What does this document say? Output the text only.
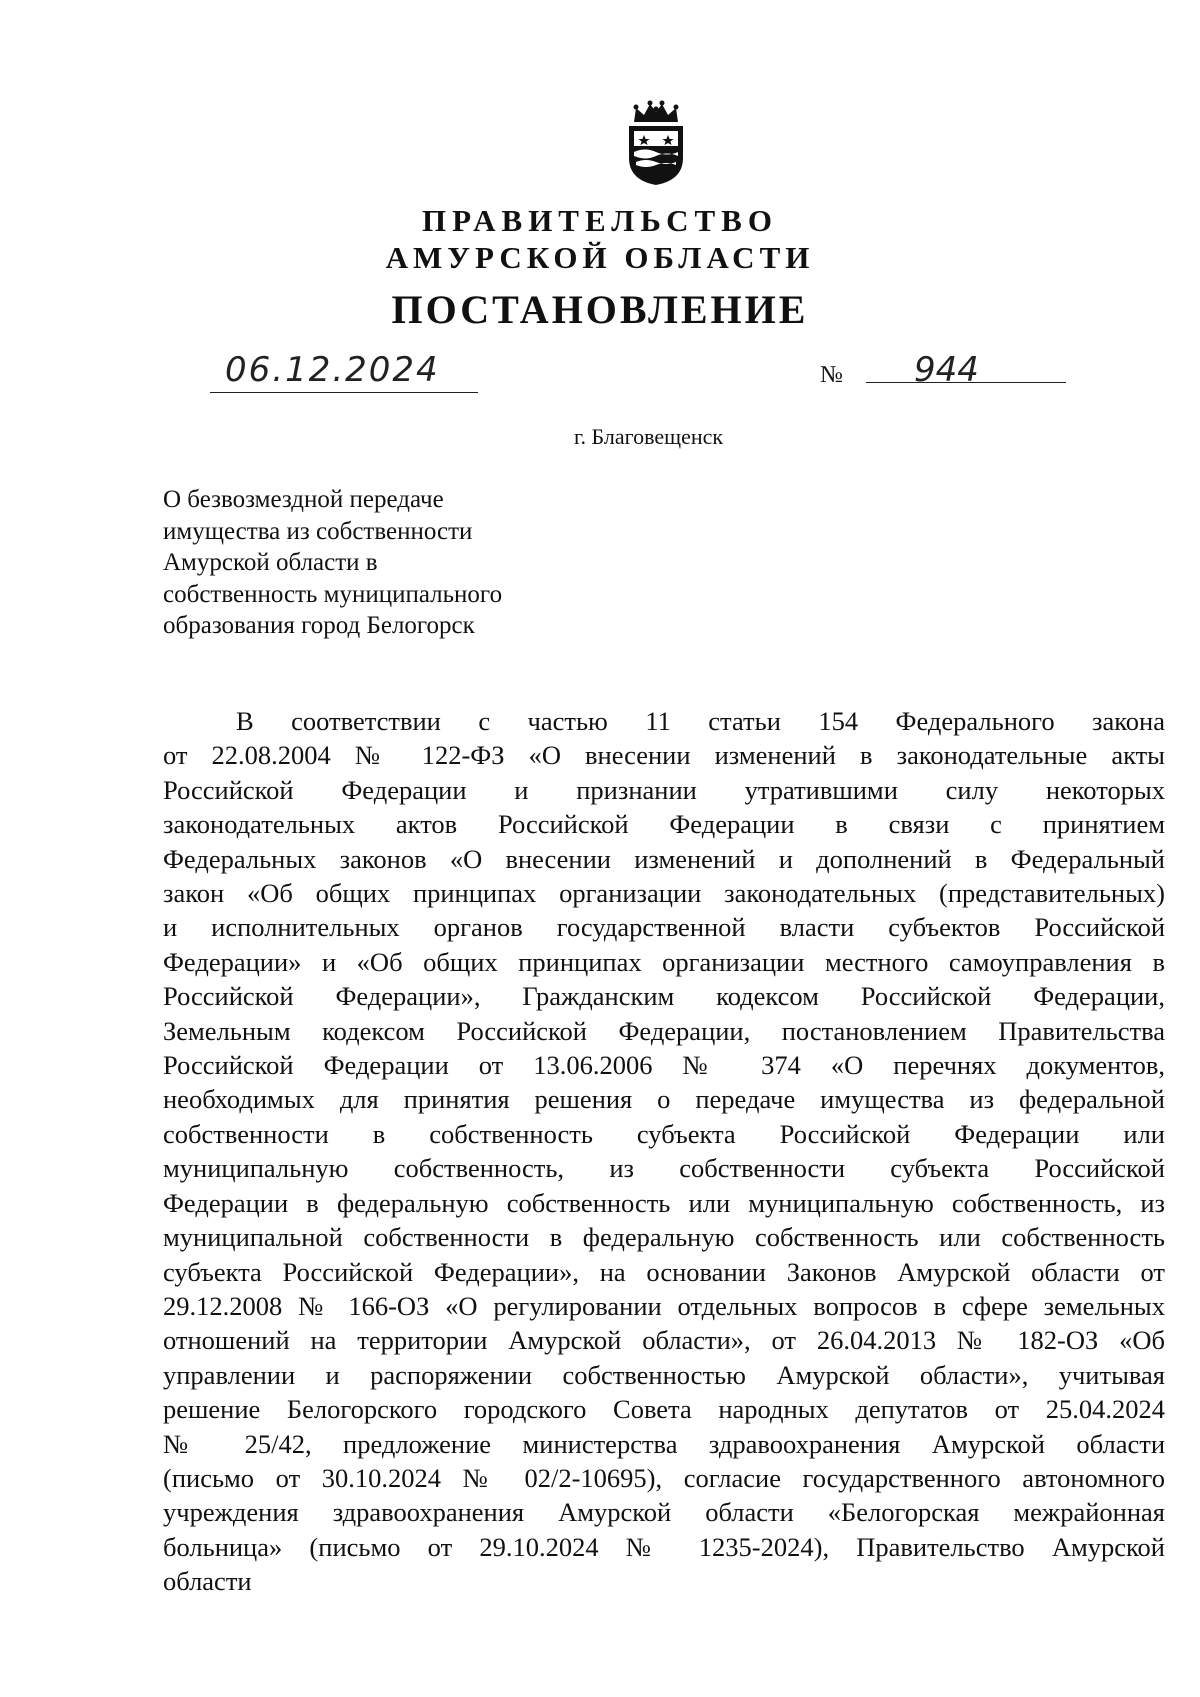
ПРАВИТЕЛЬСТВО
АМУРСКОЙ ОБЛАСТИ
ПОСТАНОВЛЕНИЕ
06.12.2024	№ 944
г. Благовещенск
О безвозмездной передаче
имущества из собственности
Амурской области в
собственность муниципального
образования город Белогорск
В соответствии с частью 11 статьи 154 Федерального закона
от 22.08.2004 № 122-ФЗ «О внесении изменений в законодательные акты
Российской Федерации и признании утратившими силу некоторых
законодательных актов Российской Федерации в связи с принятием
Федеральных законов «О внесении изменений и дополнений в Федеральный
закон «Об общих принципах организации законодательных (представительных)
и исполнительных органов государственной власти субъектов Российской
Федерации» и «Об общих принципах организации местного самоуправления в
Российской Федерации», Гражданским кодексом Российской Федерации,
Земельным кодексом Российской Федерации, постановлением Правительства
Российской Федерации от 13.06.2006 № 374 «О перечнях документов,
необходимых для принятия решения о передаче имущества из федеральной
собственности в собственность субъекта Российской Федерации или
муниципальную собственность, из собственности субъекта Российской
Федерации в федеральную собственность или муниципальную собственность, из
муниципальной собственности в федеральную собственность или собственность
субъекта Российской Федерации», на основании Законов Амурской области от
29.12.2008 № 166-ОЗ «О регулировании отдельных вопросов в сфере земельных
отношений на территории Амурской области», от 26.04.2013 № 182-ОЗ «Об
управлении и распоряжении собственностью Амурской области», учитывая
решение Белогорского городского Совета народных депутатов от 25.04.2024
№ 25/42, предложение министерства здравоохранения Амурской области
(письмо от 30.10.2024 № 02/2-10695), согласие государственного автономного
учреждения здравоохранения Амурской области «Белогорская межрайонная
больница» (письмо от 29.10.2024 № 1235-2024), Правительство Амурской
области
